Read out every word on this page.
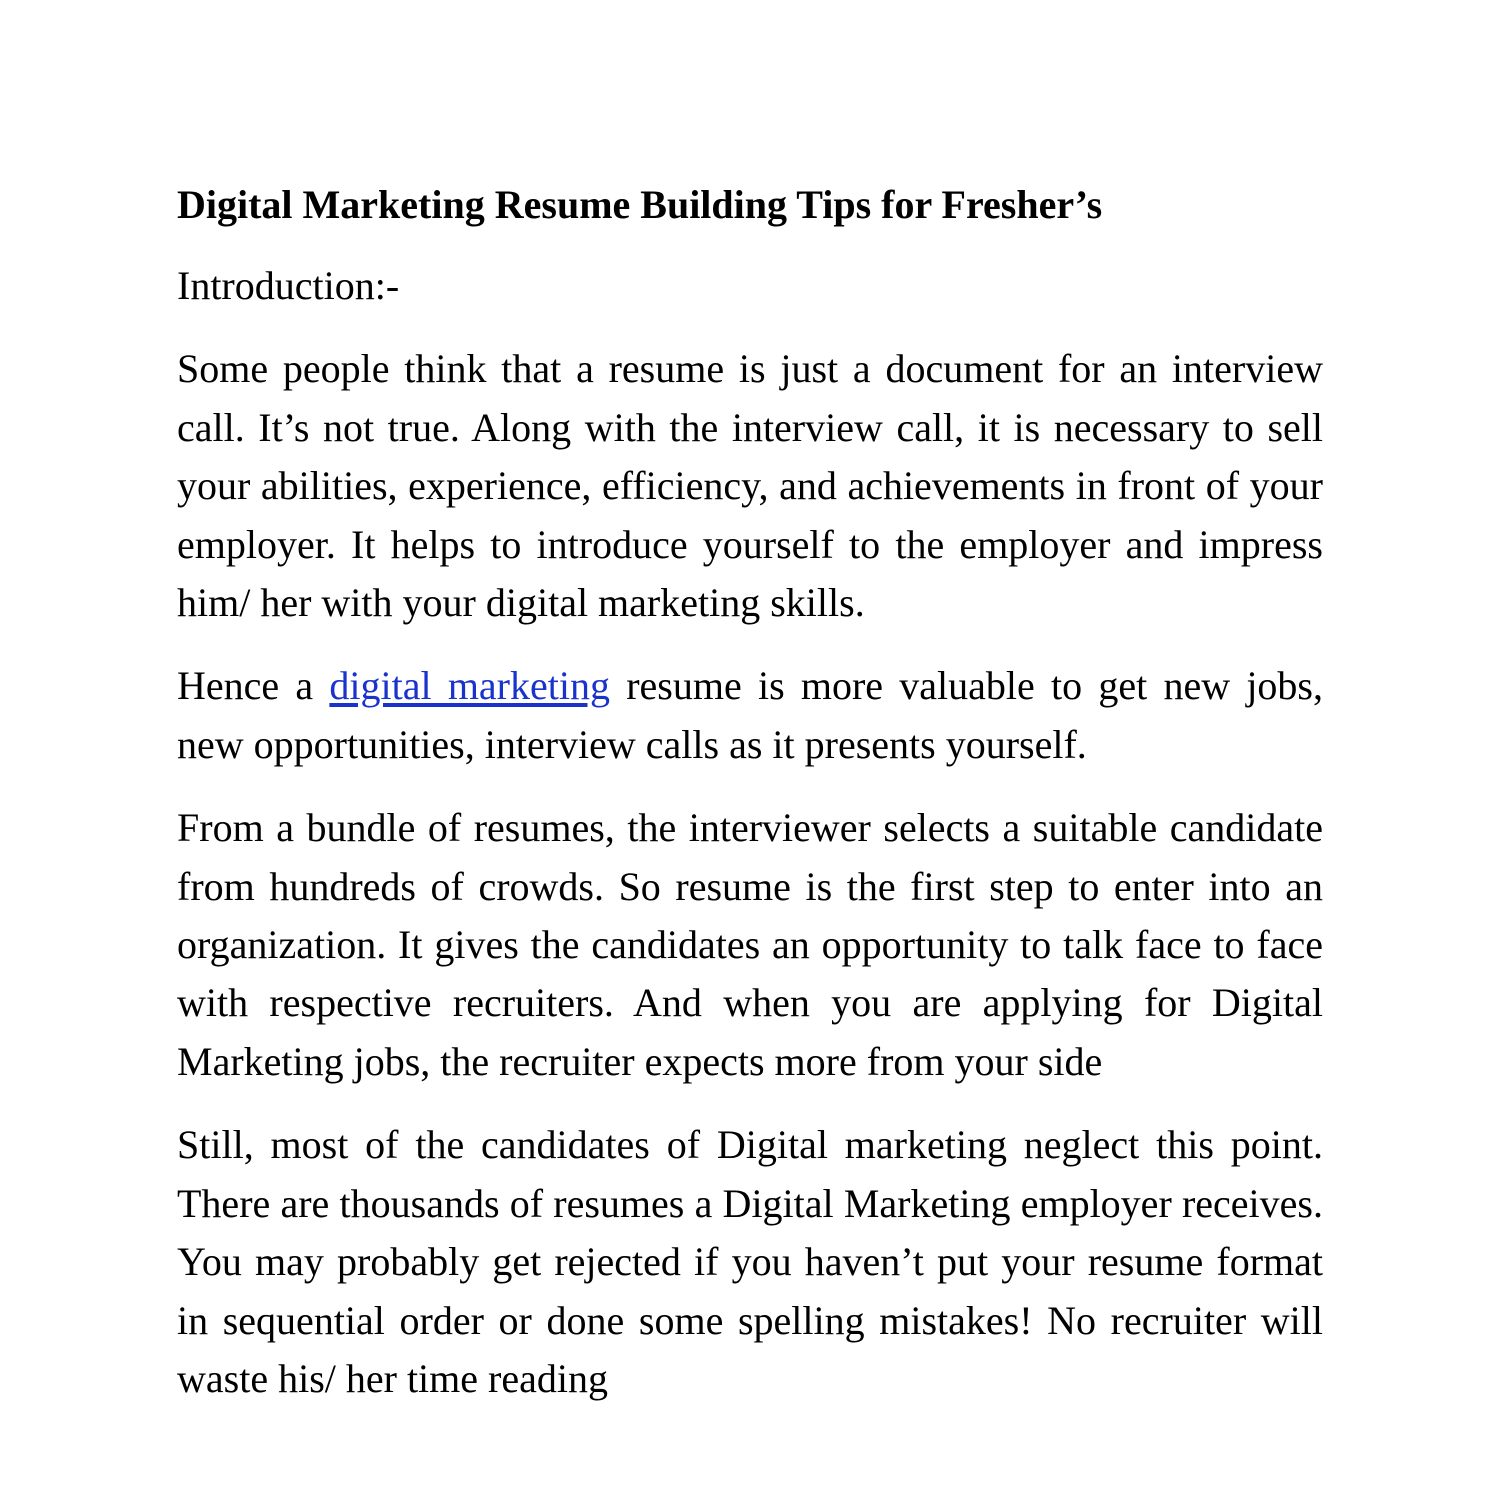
Digital Marketing Resume Building Tips for Fresher’s
Introduction:-
Some people think that a resume is just a document for an interview call. It’s not true. Along with the interview call, it is necessary to sell your abilities, experience, efficiency, and achievements in front of your employer. It helps to introduce yourself to the employer and impress him/ her with your digital marketing skills.
Hence a digital marketing resume is more valuable to get new jobs, new opportunities, interview calls as it presents yourself.
From a bundle of resumes, the interviewer selects a suitable candidate from hundreds of crowds. So resume is the first step to enter into an organization. It gives the candidates an opportunity to talk face to face with respective recruiters. And when you are applying for Digital Marketing jobs, the recruiter expects more from your side
Still, most of the candidates of Digital marketing neglect this point. There are thousands of resumes a Digital Marketing employer receives. You may probably get rejected if you haven’t put your resume format in sequential order or done some spelling mistakes! No recruiter will waste his/ her time reading
